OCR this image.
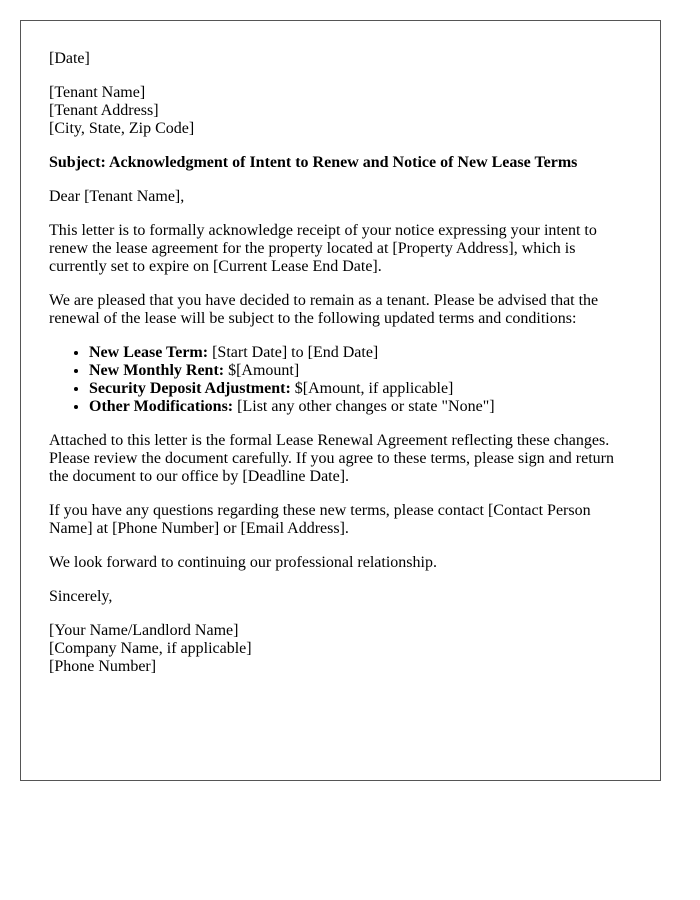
[Date]

[Tenant Name]
[Tenant Address]
[City, State, Zip Code]

Subject: Acknowledgment of Intent to Renew and Notice of New Lease Terms

Dear [Tenant Name],

This letter is to formally acknowledge receipt of your notice expressing your intent to renew the lease agreement for the property located at [Property Address], which is currently set to expire on [Current Lease End Date].

We are pleased that you have decided to remain as a tenant. Please be advised that the renewal of the lease will be subject to the following updated terms and conditions:

• New Lease Term: [Start Date] to [End Date]
• New Monthly Rent: $[Amount]
• Security Deposit Adjustment: $[Amount, if applicable]
• Other Modifications: [List any other changes or state "None"]

Attached to this letter is the formal Lease Renewal Agreement reflecting these changes. Please review the document carefully. If you agree to these terms, please sign and return the document to our office by [Deadline Date].

If you have any questions regarding these new terms, please contact [Contact Person Name] at [Phone Number] or [Email Address].

We look forward to continuing our professional relationship.

Sincerely,

[Your Name/Landlord Name]
[Company Name, if applicable]
[Phone Number]
